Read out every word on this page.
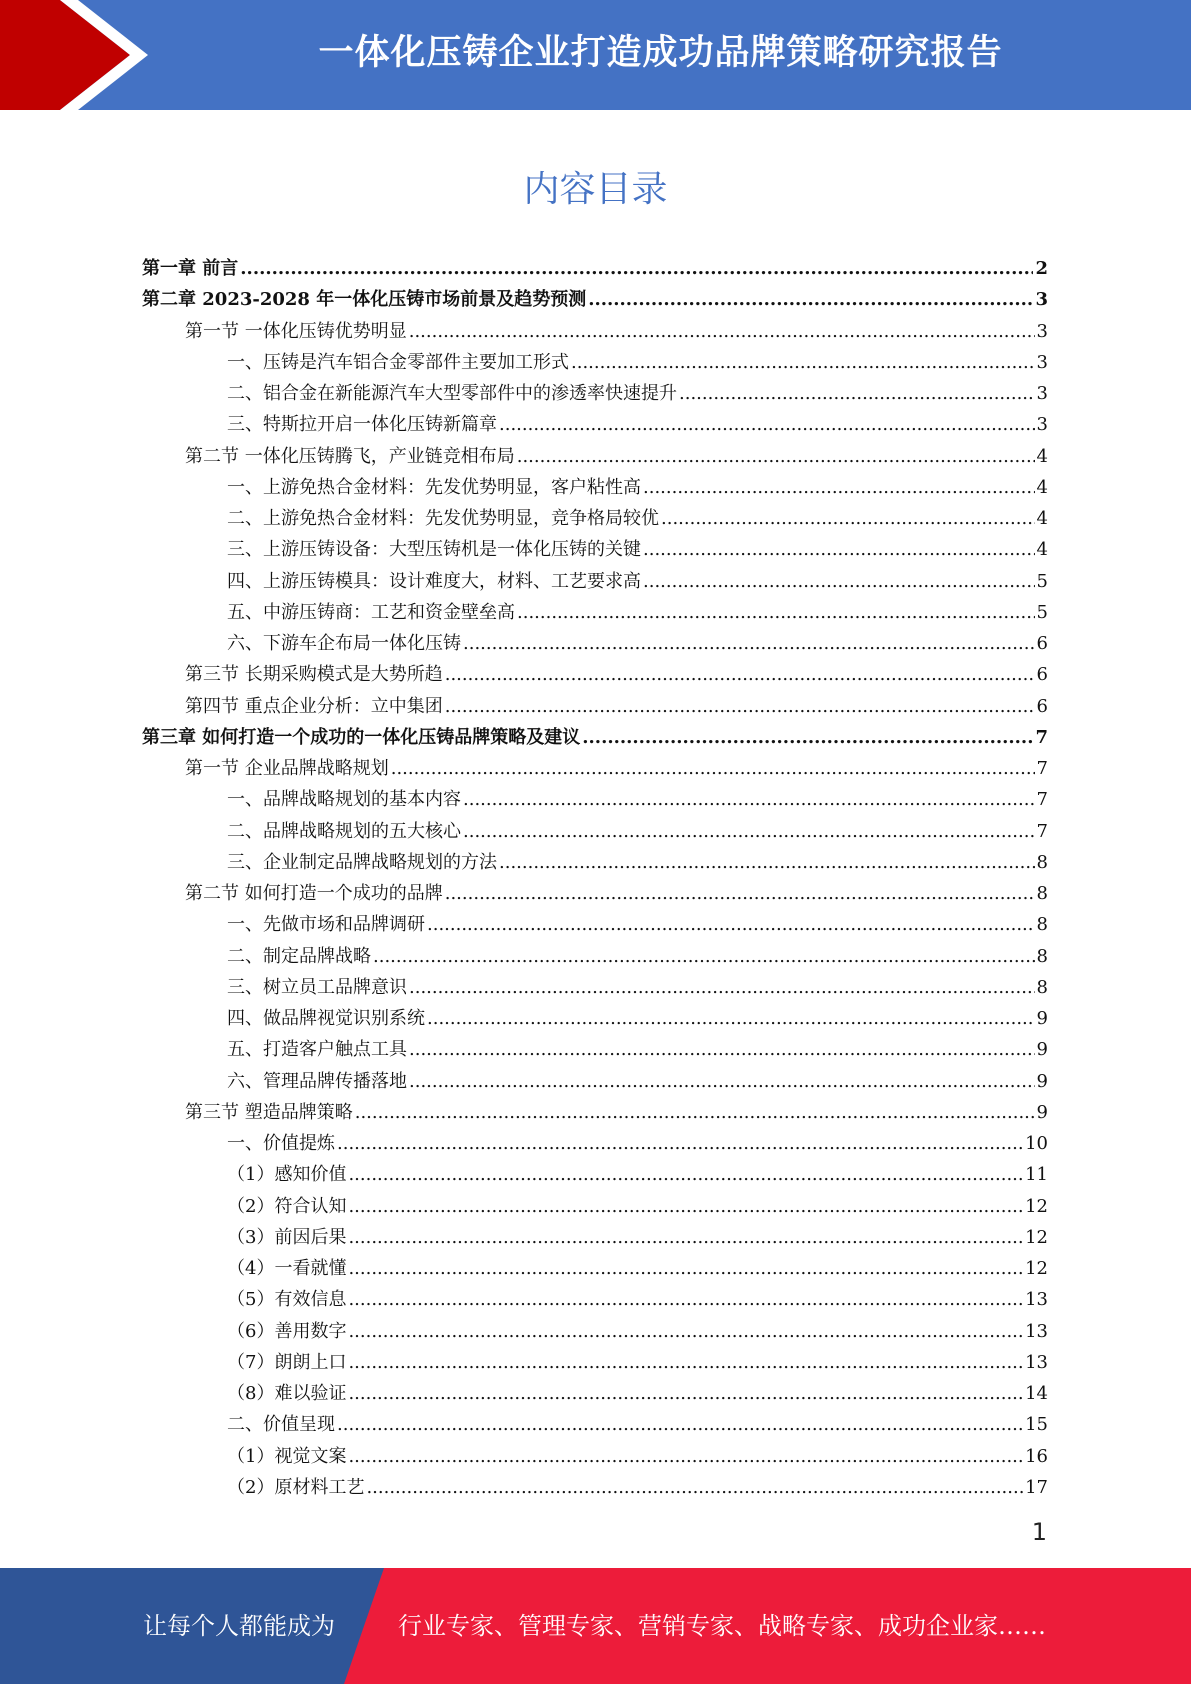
一体化压铸企业打造成功品牌策略研究报告
内容目录
第一章 前言 .....	2
第二章 2023-2028 年一体化压铸市场前景及趋势预测 .....	3
第一节 一体化压铸优势明显 .....	3
一、压铸是汽车铝合金零部件主要加工形式 .....	3
二、铝合金在新能源汽车大型零部件中的渗透率快速提升 .....	3
三、特斯拉开启一体化压铸新篇章 .....	3
第二节 一体化压铸腾飞，产业链竞相布局 .....	4
一、上游免热合金材料：先发优势明显，客户粘性高 .....	4
二、上游免热合金材料：先发优势明显，竞争格局较优 .....	4
三、上游压铸设备：大型压铸机是一体化压铸的关键 .....	4
四、上游压铸模具：设计难度大，材料、工艺要求高 .....	5
五、中游压铸商：工艺和资金壁垒高 .....	5
六、下游车企布局一体化压铸 .....	6
第三节 长期采购模式是大势所趋 .....	6
第四节 重点企业分析：立中集团 .....	6
第三章 如何打造一个成功的一体化压铸品牌策略及建议 .....	7
第一节 企业品牌战略规划 .....	7
一、品牌战略规划的基本内容 .....	7
二、品牌战略规划的五大核心 .....	7
三、企业制定品牌战略规划的方法 .....	8
第二节 如何打造一个成功的品牌 .....	8
一、先做市场和品牌调研 .....	8
二、制定品牌战略 .....	8
三、树立员工品牌意识 .....	8
四、做品牌视觉识别系统 .....	9
五、打造客户触点工具 .....	9
六、管理品牌传播落地 .....	9
第三节 塑造品牌策略 .....	9
一、价值提炼 .....	10
（1）感知价值 .....	11
（2）符合认知 .....	12
（3）前因后果 .....	12
（4）一看就懂 .....	12
（5）有效信息 .....	13
（6）善用数字 .....	13
（7）朗朗上口 .....	13
（8）难以验证 .....	14
二、价值呈现 .....	15
（1）视觉文案 .....	16
（2）原材料工艺 .....	17
1
让每个人都能成为	行业专家、管理专家、营销专家、战略专家、成功企业家……
